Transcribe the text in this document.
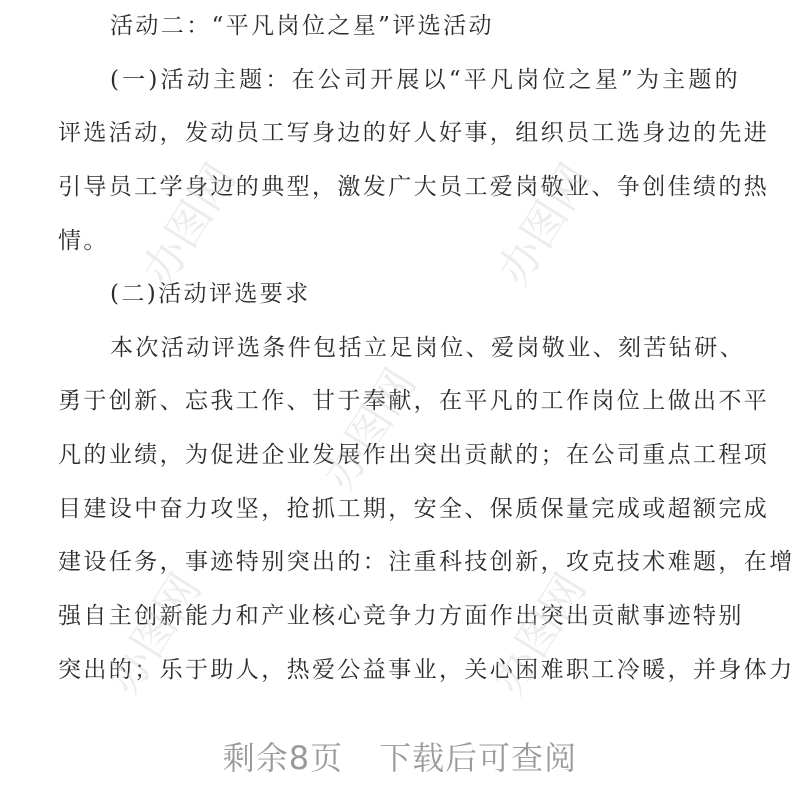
活动二：“平凡岗位之星”评选活动
(一)活动主题：在公司开展以“平凡岗位之星”为主题的
评选活动，发动员工写身边的好人好事，组织员工选身边的先进
引导员工学身边的典型，激发广大员工爱岗敬业、争创佳绩的热
情。
(二)活动评选要求
本次活动评选条件包括立足岗位、爱岗敬业、刻苦钻研、
勇于创新、忘我工作、甘于奉献，在平凡的工作岗位上做出不平
凡的业绩，为促进企业发展作出突出贡献的；在公司重点工程项
目建设中奋力攻坚，抢抓工期，安全、保质保量完成或超额完成
建设任务，事迹特别突出的：注重科技创新，攻克技术难题，在增
强自主创新能力和产业核心竞争力方面作出突出贡献事迹特别
突出的；乐于助人，热爱公益事业，关心困难职工冷暖，并身体力
办图网	办图网
办图网
办图网	办图网
剩余8页 下载后可查阅
